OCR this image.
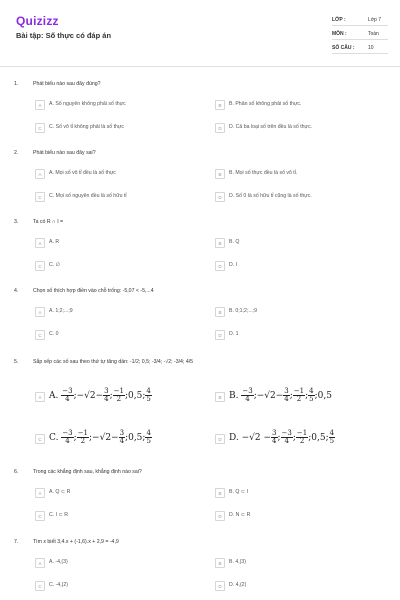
Quizizz
Bài tập: Số thực có đáp án
LỚP :	Lớp 7
MÔN :	Toán
SỐ CÂU :	10
1.	Phát biểu nào sau đây đúng?
A	A. Số nguyên không phải số thực	B	B. Phân số không phải số thực.
C	C. Số vô tỉ không phải là số thực	D	D. Cả ba loại số trên đều là số thực.
2.	Phát biểu nào sau đây sai?
A	A. Mọi số vô tỉ đều là số thực	B	B. Mọi số thực đều là số vô tỉ.
C	C. Mọi số nguyên đều là số hữu tỉ	D	D. Số 0 là số hữu tỉ cũng là số thực.
3.	Ta có R ∩ I =
A	A. R	B	B. Q
C	C. ∅	D	D. I
4.	Chọn số thích hợp điền vào chỗ trống: -5,07 < -5,...4
A	A. 1;2;...;9	B	B. 0;1;2;...;9
C	C. 0	D	D. 1
5.	Sắp xếp các số sau theo thứ tự tăng dần: -1/2; 0,5; -3/4; -√2; -3/4; 4/5
A A. $\frac{-3}{4}$ ;−√2− $\frac{3}{4}$ ; $\frac{-1}{2}$ ;0,5; $\frac{4}{5}$	B B. $\frac{-3}{4}$ ;−√2− $\frac{3}{4}$ ; $\frac{-1}{2}$ ; $\frac{4}{5}$ ;0,5
C C. $\frac{-3}{4}$ ; $\frac{-1}{2}$ ;−√2− $\frac{3}{4}$ ;0,5; $\frac{4}{5}$	D D. $-√2 - \frac{3}{4}$ ; $\frac{-3}{4}$ ; $\frac{-1}{2}$ ;0,5; $\frac{4}{5}$
6.	Trong các khẳng định sau, khẳng định nào sai?
A	A. Q ⊂ R	B	B. Q ⊂ I
C	C. I ⊂ R	D	D. N ⊂ R
7.	Tìm x biết 3,4.x + (-1,6).x + 2,9 = -4,9
A	A. -4,(3)	B	B. 4,(3)
C	C. -4,(2)	D	D. 4,(2)
